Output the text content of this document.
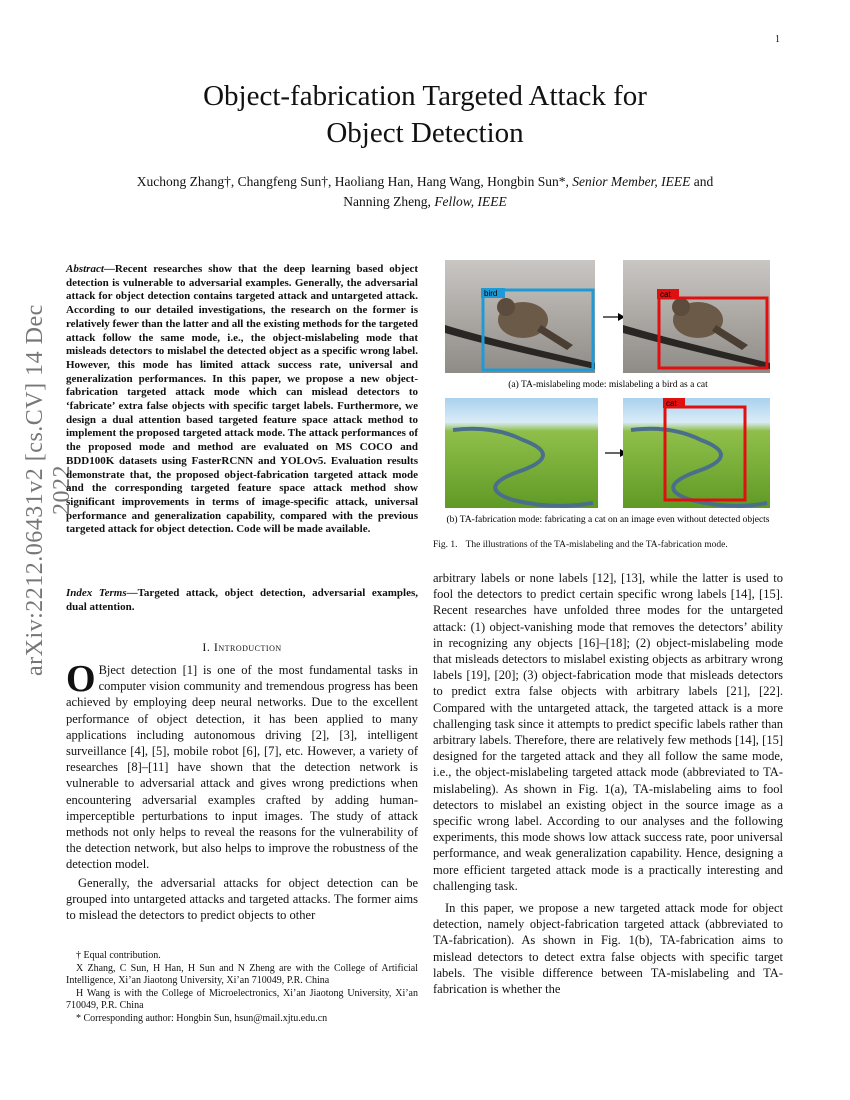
1
arXiv:2212.06431v2 [cs.CV] 14 Dec 2022
Object-fabrication Targeted Attack for
Object Detection
Xuchong Zhang†, Changfeng Sun†, Haoliang Han, Hang Wang, Hongbin Sun*, Senior Member, IEEE and
Nanning Zheng, Fellow, IEEE
Abstract—Recent researches show that the deep learning based object detection is vulnerable to adversarial examples. Generally, the adversarial attack for object detection contains targeted attack and untargeted attack. According to our detailed investigations, the research on the former is relatively fewer than the latter and all the existing methods for the targeted attack follow the same mode, i.e., the object-mislabeling mode that misleads detectors to mislabel the detected object as a specific wrong label. However, this mode has limited attack success rate, universal and generalization performances. In this paper, we propose a new object-fabrication targeted attack mode which can mislead detectors to ‘fabricate’ extra false objects with specific target labels. Furthermore, we design a dual attention based targeted feature space attack method to implement the proposed targeted attack mode. The attack performances of the proposed mode and method are evaluated on MS COCO and BDD100K datasets using FasterRCNN and YOLOv5. Evaluation results demonstrate that, the proposed object-fabrication targeted attack mode and the corresponding targeted feature space attack method show significant improvements in terms of image-specific attack, universal performance and generalization capability, compared with the previous targeted attack for object detection. Code will be made available.
Index Terms—Targeted attack, object detection, adversarial examples, dual attention.
I. Introduction

O Bject detection [1] is one of the most fundamental tasks in computer vision community and tremendous progress has been achieved by employing deep neural networks. Due to the excellent performance of object detection, it has been applied to many applications including autonomous driving [2], [3], intelligent surveillance [4], [5], mobile robot [6], [7], etc. However, a variety of researches [8]–[11] have shown that the detection network is vulnerable to adversarial attack and gives wrong predictions when encountering adversarial examples crafted by adding human-imperceptible perturbations to input images. The study of attack methods not only helps to reveal the reasons for the vulnerability of the detection network, but also helps to improve the robustness of the detection model.

Generally, the adversarial attacks for object detection can be grouped into untargeted attacks and targeted attacks. The former aims to mislead the detectors to predict objects to other

† Equal contribution.

X Zhang, C Sun, H Han, H Sun and N Zheng are with the College of Artificial Intelligence, Xi’an Jiaotong University, Xi’an 710049, P.R. China

H Wang is with the College of Microelectronics, Xi’an Jiaotong University, Xi’an 710049, P.R. China

* Corresponding author: Hongbin Sun, hsun@mail.xjtu.edu.cn

bird	cat
(a) TA-mislabeling mode: mislabeling a bird as a cat
cat
(b) TA-fabrication mode: fabricating a cat on an image even without detected objects
Fig. 1. The illustrations of the TA-mislabeling and the TA-fabrication mode.

arbitrary labels or none labels [12], [13], while the latter is used to fool the detectors to predict certain specific wrong labels [14], [15]. Recent researches have unfolded three modes for the untargeted attack: (1) object-vanishing mode that removes the detectors’ ability in recognizing any objects [16]–[18]; (2) object-mislabeling mode that misleads detectors to mislabel existing objects as arbitrary wrong labels [19], [20]; (3) object-fabrication mode that misleads detectors to predict extra false objects with arbitrary labels [21], [22]. Compared with the untargeted attack, the targeted attack is a more challenging task since it attempts to predict specific labels rather than arbitrary labels. Therefore, there are relatively few methods [14], [15] designed for the targeted attack and they all follow the same mode, i.e., the object-mislabeling targeted attack mode (abbreviated to TA-mislabeling). As shown in Fig. 1(a), TA-mislabeling aims to fool detectors to mislabel an existing object in the source image as a specific wrong label. According to our analyses and the following experiments, this mode shows low attack success rate, poor universal performance, and weak generalization capability. Hence, designing a more efficient targeted attack mode is a practically interesting and challenging task.

In this paper, we propose a new targeted attack mode for object detection, namely object-fabrication targeted attack (abbreviated to TA-fabrication). As shown in Fig. 1(b), TA-fabrication aims to mislead detectors to detect extra false objects with specific target labels. The visible difference between TA-mislabeling and TA-fabrication is whether the
